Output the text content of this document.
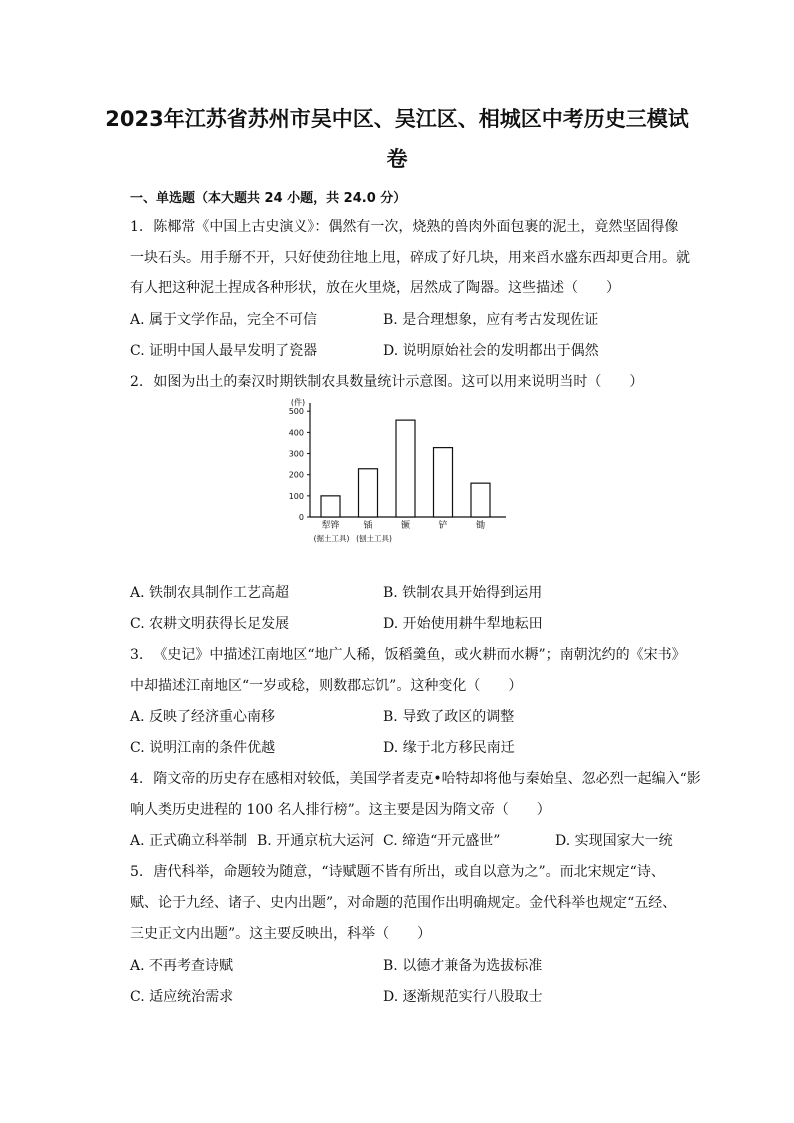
2023年江苏省苏州市吴中区、吴江区、相城区中考历史三模试
卷
一、单选题（本大题共 24 小题，共 24.0 分）
1. 陈椰常《中国上古史演义》：偶然有一次，烧熟的兽肉外面包裹的泥土，竟然坚固得像
一块石头。用手掰不开，只好使劲往地上甩，碎成了好几块，用来舀水盛东西却更合用。就
有人把这种泥土捏成各种形状，放在火里烧，居然成了陶器。这些描述（　　）
A. 属于文学作品，完全不可信	B. 是合理想象，应有考古发现佐证
C. 证明中国人最早发明了瓷器	D. 说明原始社会的发明都出于偶然
2. 如图为出土的秦汉时期铁制农具数量统计示意图。这可以用来说明当时（　　）
(件)
0
100
200
300
400
500
犁铧	锸	镢	铲	锄
(掘土工具) (刨土工具)
A. 铁制农具制作工艺高超	B. 铁制农具开始得到运用
C. 农耕文明获得长足发展	D. 开始使用耕牛犁地耘田
3. 《史记》中描述江南地区“地广人稀，饭稻羹鱼，或火耕而水耨”；南朝沈约的《宋书》
中却描述江南地区“一岁或稔，则数郡忘饥”。这种变化（　　）
A. 反映了经济重心南移	B. 导致了政区的调整
C. 说明江南的条件优越	D. 缘于北方移民南迁
4. 隋文帝的历史存在感相对较低，美国学者麦克•哈特却将他与秦始皇、忽必烈一起编入“影
响人类历史进程的 100 名人排行榜”。这主要是因为隋文帝（　　）
A. 正式确立科举制 B. 开通京杭大运河 C. 缔造“开元盛世”	D. 实现国家大一统
5. 唐代科举，命题较为随意，“诗赋题不皆有所出，或自以意为之”。而北宋规定“诗、
赋、论于九经、诸子、史内出题”，对命题的范围作出明确规定。金代科举也规定“五经、
三史正文内出题”。这主要反映出，科举（　　）
A. 不再考查诗赋	B. 以德才兼备为选拔标准
C. 适应统治需求	D. 逐渐规范实行八股取士
